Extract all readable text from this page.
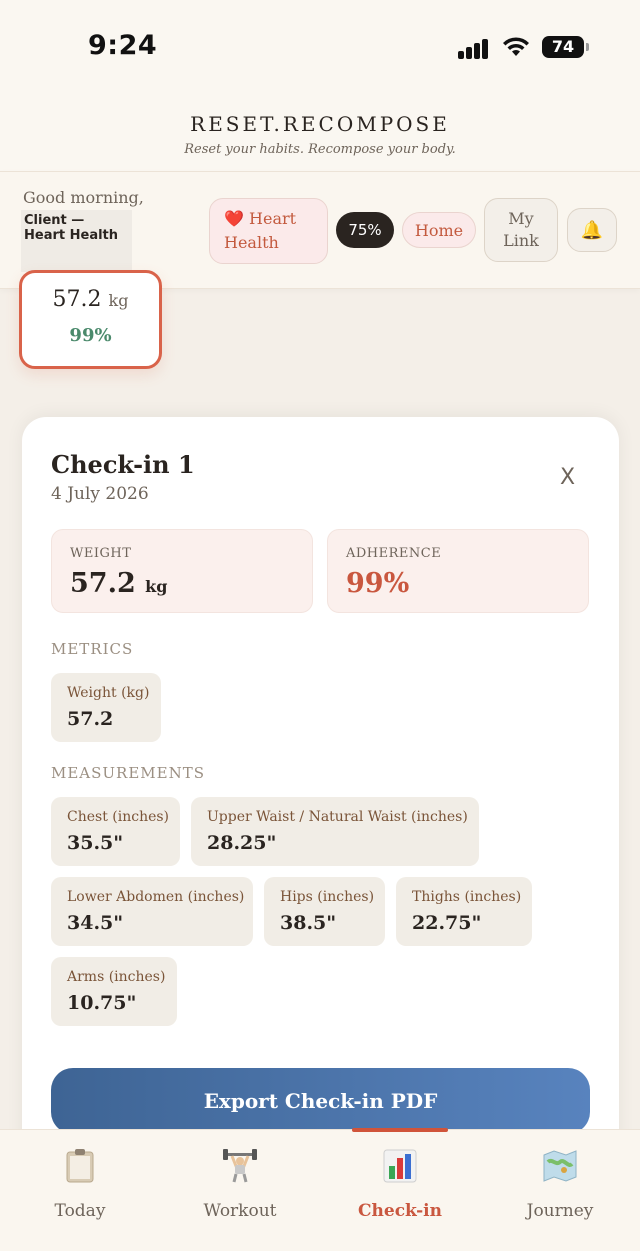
9:24	74
RESET.RECOMPOSE
Reset your habits. Recompose your body.
Good morning,
Client —
Heart Health
❤️ Heart
Health
75%	Home
My
Link 🔔
57.2 kg
99%
Check-in 1
4 July 2026
X
WEIGHT
57.2 kg
ADHERENCE
99%
METRICS
Weight (kg)
57.2
MEASUREMENTS
Chest (inches)
35.5"
Upper Waist / Natural Waist (inches)
28.25"
Lower Abdomen (inches)
34.5"
Hips (inches)
38.5"
Thighs (inches)
22.75"
Arms (inches)
10.75"
Export Check-in PDF
Today	Workout	Check-in	Journey
